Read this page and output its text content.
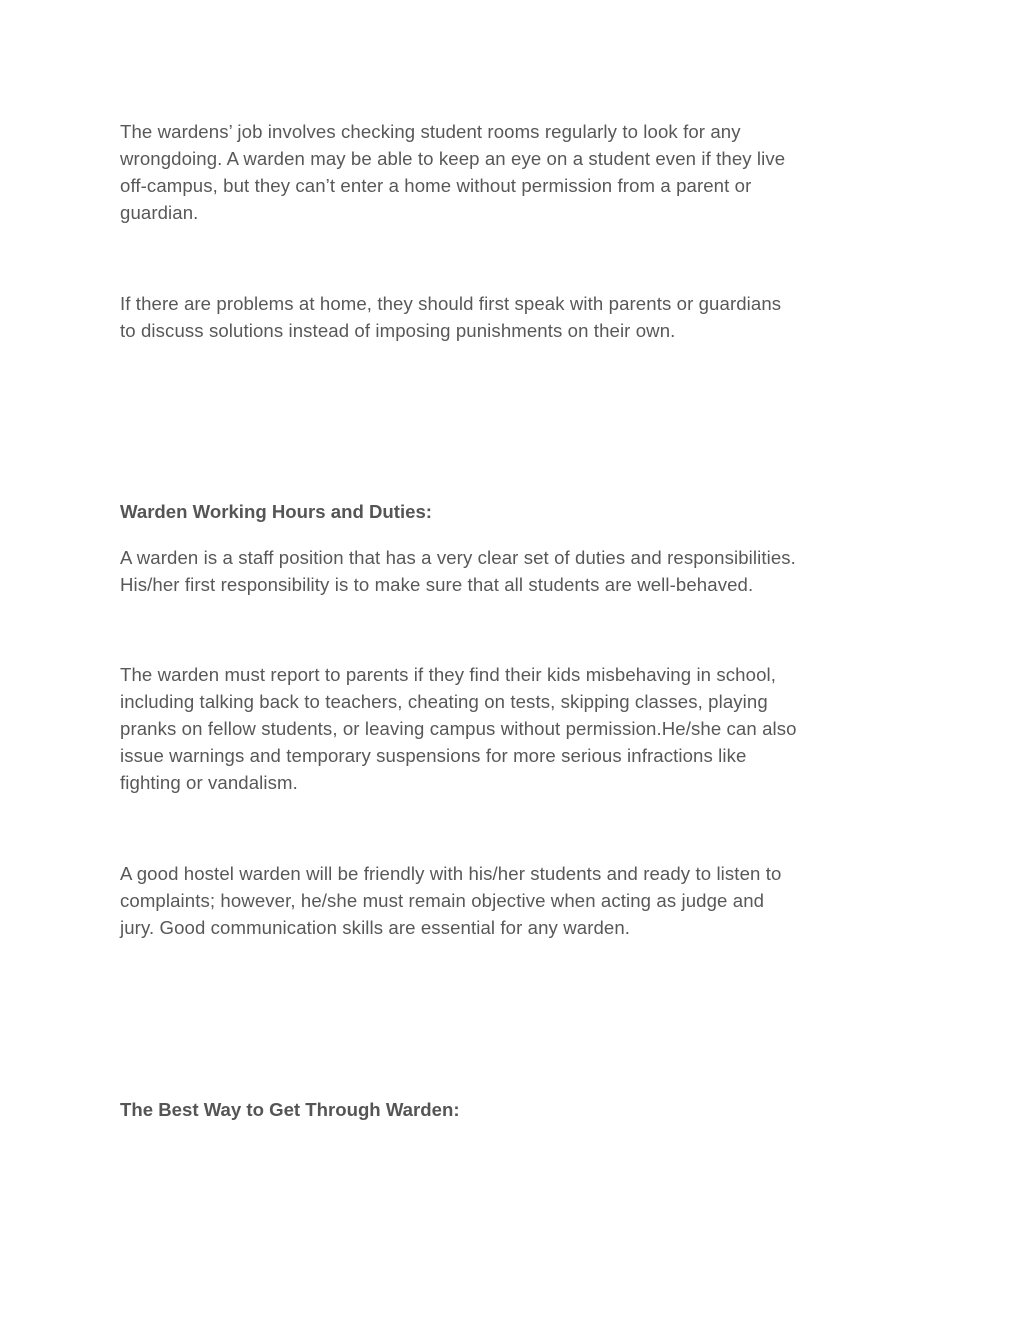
The wardens’ job involves checking student rooms regularly to look for any
wrongdoing. A warden may be able to keep an eye on a student even if they live
off-campus, but they can’t enter a home without permission from a parent or
guardian.

If there are problems at home, they should first speak with parents or guardians
to discuss solutions instead of imposing punishments on their own.

Warden Working Hours and Duties:

A warden is a staff position that has a very clear set of duties and responsibilities.
His/her first responsibility is to make sure that all students are well-behaved.

The warden must report to parents if they find their kids misbehaving in school,
including talking back to teachers, cheating on tests, skipping classes, playing
pranks on fellow students, or leaving campus without permission.He/she can also
issue warnings and temporary suspensions for more serious infractions like
fighting or vandalism.

A good hostel warden will be friendly with his/her students and ready to listen to
complaints; however, he/she must remain objective when acting as judge and
jury. Good communication skills are essential for any warden.

The Best Way to Get Through Warden:
